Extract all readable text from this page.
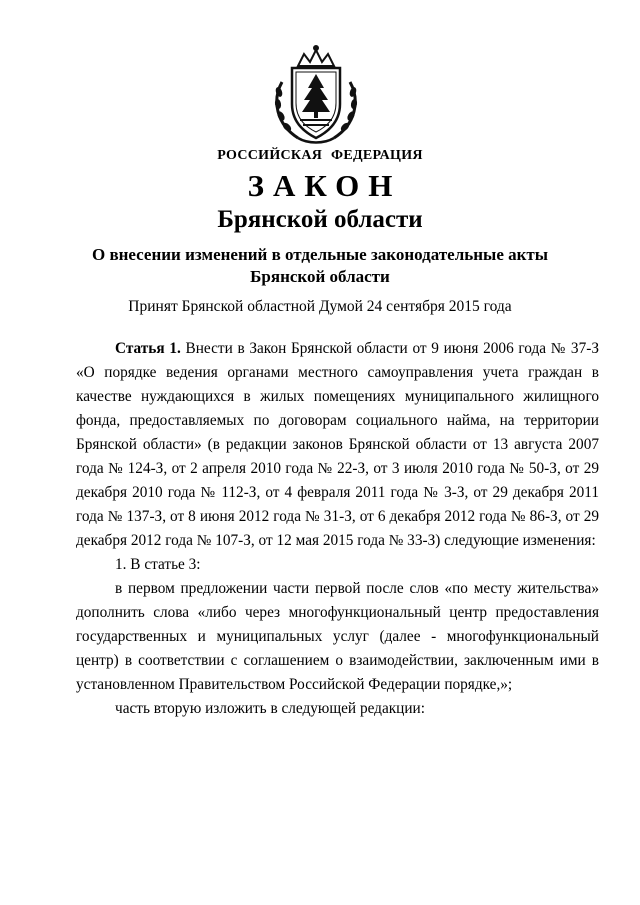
РОССИЙСКАЯ ФЕДЕРАЦИЯ
ЗАКОН
Брянской области
О внесении изменений в отдельные законодательные акты
Брянской области
Принят Брянской областной Думой 24 сентября 2015 года

Статья 1. Внести в Закон Брянской области от 9 июня 2006 года № 37-З «О порядке ведения органами местного самоуправления учета граждан в качестве нуждающихся в жилых помещениях муниципального жилищного фонда, предоставляемых по договорам социального найма, на территории Брянской области» (в редакции законов Брянской области от 13 августа 2007 года № 124-З, от 2 апреля 2010 года № 22-З, от 3 июля 2010 года № 50-З, от 29 декабря 2010 года № 112-З, от 4 февраля 2011 года № 3-З, от 29 декабря 2011 года № 137-З, от 8 июня 2012 года № 31-З, от 6 декабря 2012 года № 86-З, от 29 декабря 2012 года № 107-З, от 12 мая 2015 года № 33-З) следующие изменения:

1. В статье 3:

в первом предложении части первой после слов «по месту жительства» дополнить слова «либо через многофункциональный центр предоставления государственных и муниципальных услуг (далее - многофункциональный центр) в соответствии с соглашением о взаимодействии, заключенным ими в установленном Правительством Российской Федерации порядке,»;

часть вторую изложить в следующей редакции:
